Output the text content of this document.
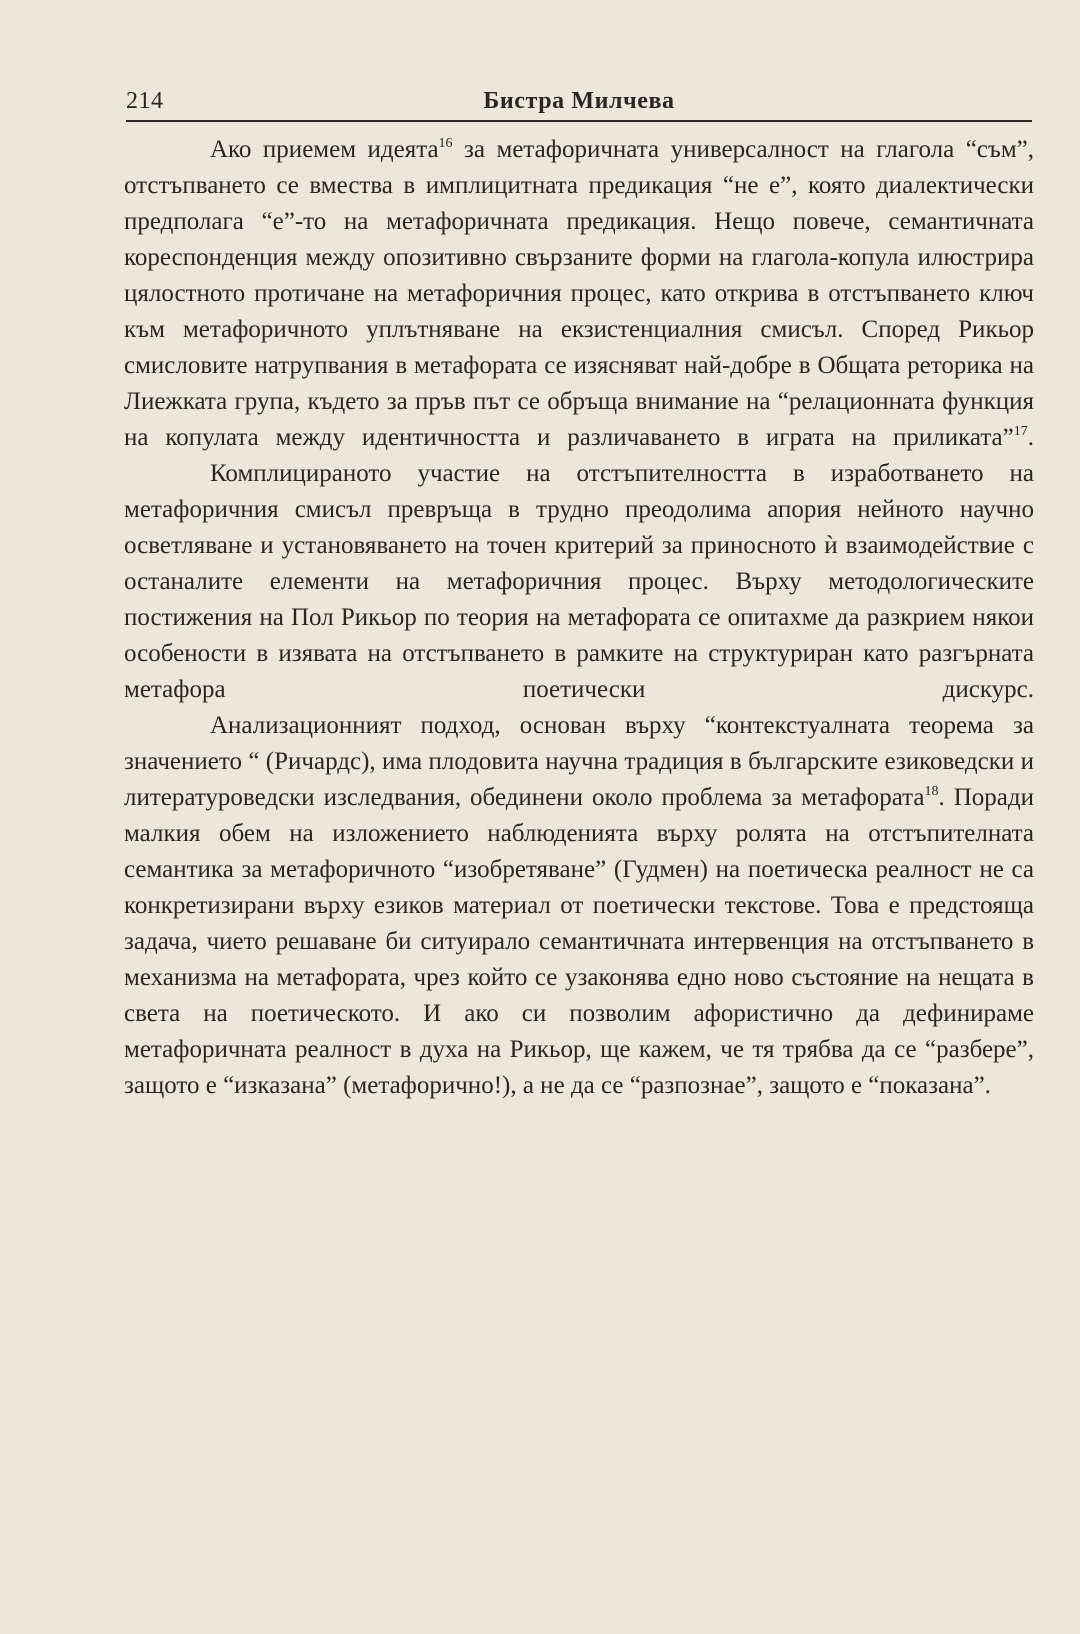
214	Бистра Милчева

Ако приемем идеята$^{16}$ за метафоричната универсалност на глагола “съм”, отстъпването се вмества в имплицитната предикация “не е”, която диалектически предполага “е”-то на метафоричната предикация. Нещо повече, семантичната кореспонденция между опозитивно свързаните форми на глагола-копула илюстрира цялостното протичане на метафоричния процес, като открива в отстъпването ключ към метафоричното уплътняване на екзистенциалния смисъл. Според Рикьор смисловите натрупвания в метафората се изясняват най-добре в Общата реторика на Лиежката група, където за пръв път се обръща внимание на “релационната функция на копулата между идентичността и различаването в играта на приликата”$^{17}$.

Комплицираното участие на отстъпителността в изработването на метафоричния смисъл превръща в трудно преодолима апория нейното научно осветляване и установяването на точен критерий за приносното ѝ взаимодействие с останалите елементи на метафоричния процес. Върху методологическите постижения на Пол Рикьор по теория на метафората се опитахме да разкрием някои особености в изявата на отстъпването в рамките на структуриран като разгърната метафора поетически дискурс.

Анализационният подход, основан върху “контекстуалната теорема за значението “ (Ричардс), има плодовита научна традиция в българските езиковедски и литературоведски изследвания, обединени около проблема за метафората$^{18}$. Поради малкия обем на изложението наблюденията върху ролята на отстъпителната семантика за метафоричното “изобретяване” (Гудмен) на поетическа реалност не са конкретизирани върху езиков материал от поетически текстове. Това е предстояща задача, чието решаване би ситуирало семантичната интервенция на отстъпването в механизма на метафората, чрез който се узаконява едно ново състояние на нещата в света на поетическото. И ако си позволим афористично да дефинираме метафоричната реалност в духа на Рикьор, ще кажем, че тя трябва да се “разбере”, защото е “изказана” (метафорично!), а не да се “разпознае”, защото е “показана”.
